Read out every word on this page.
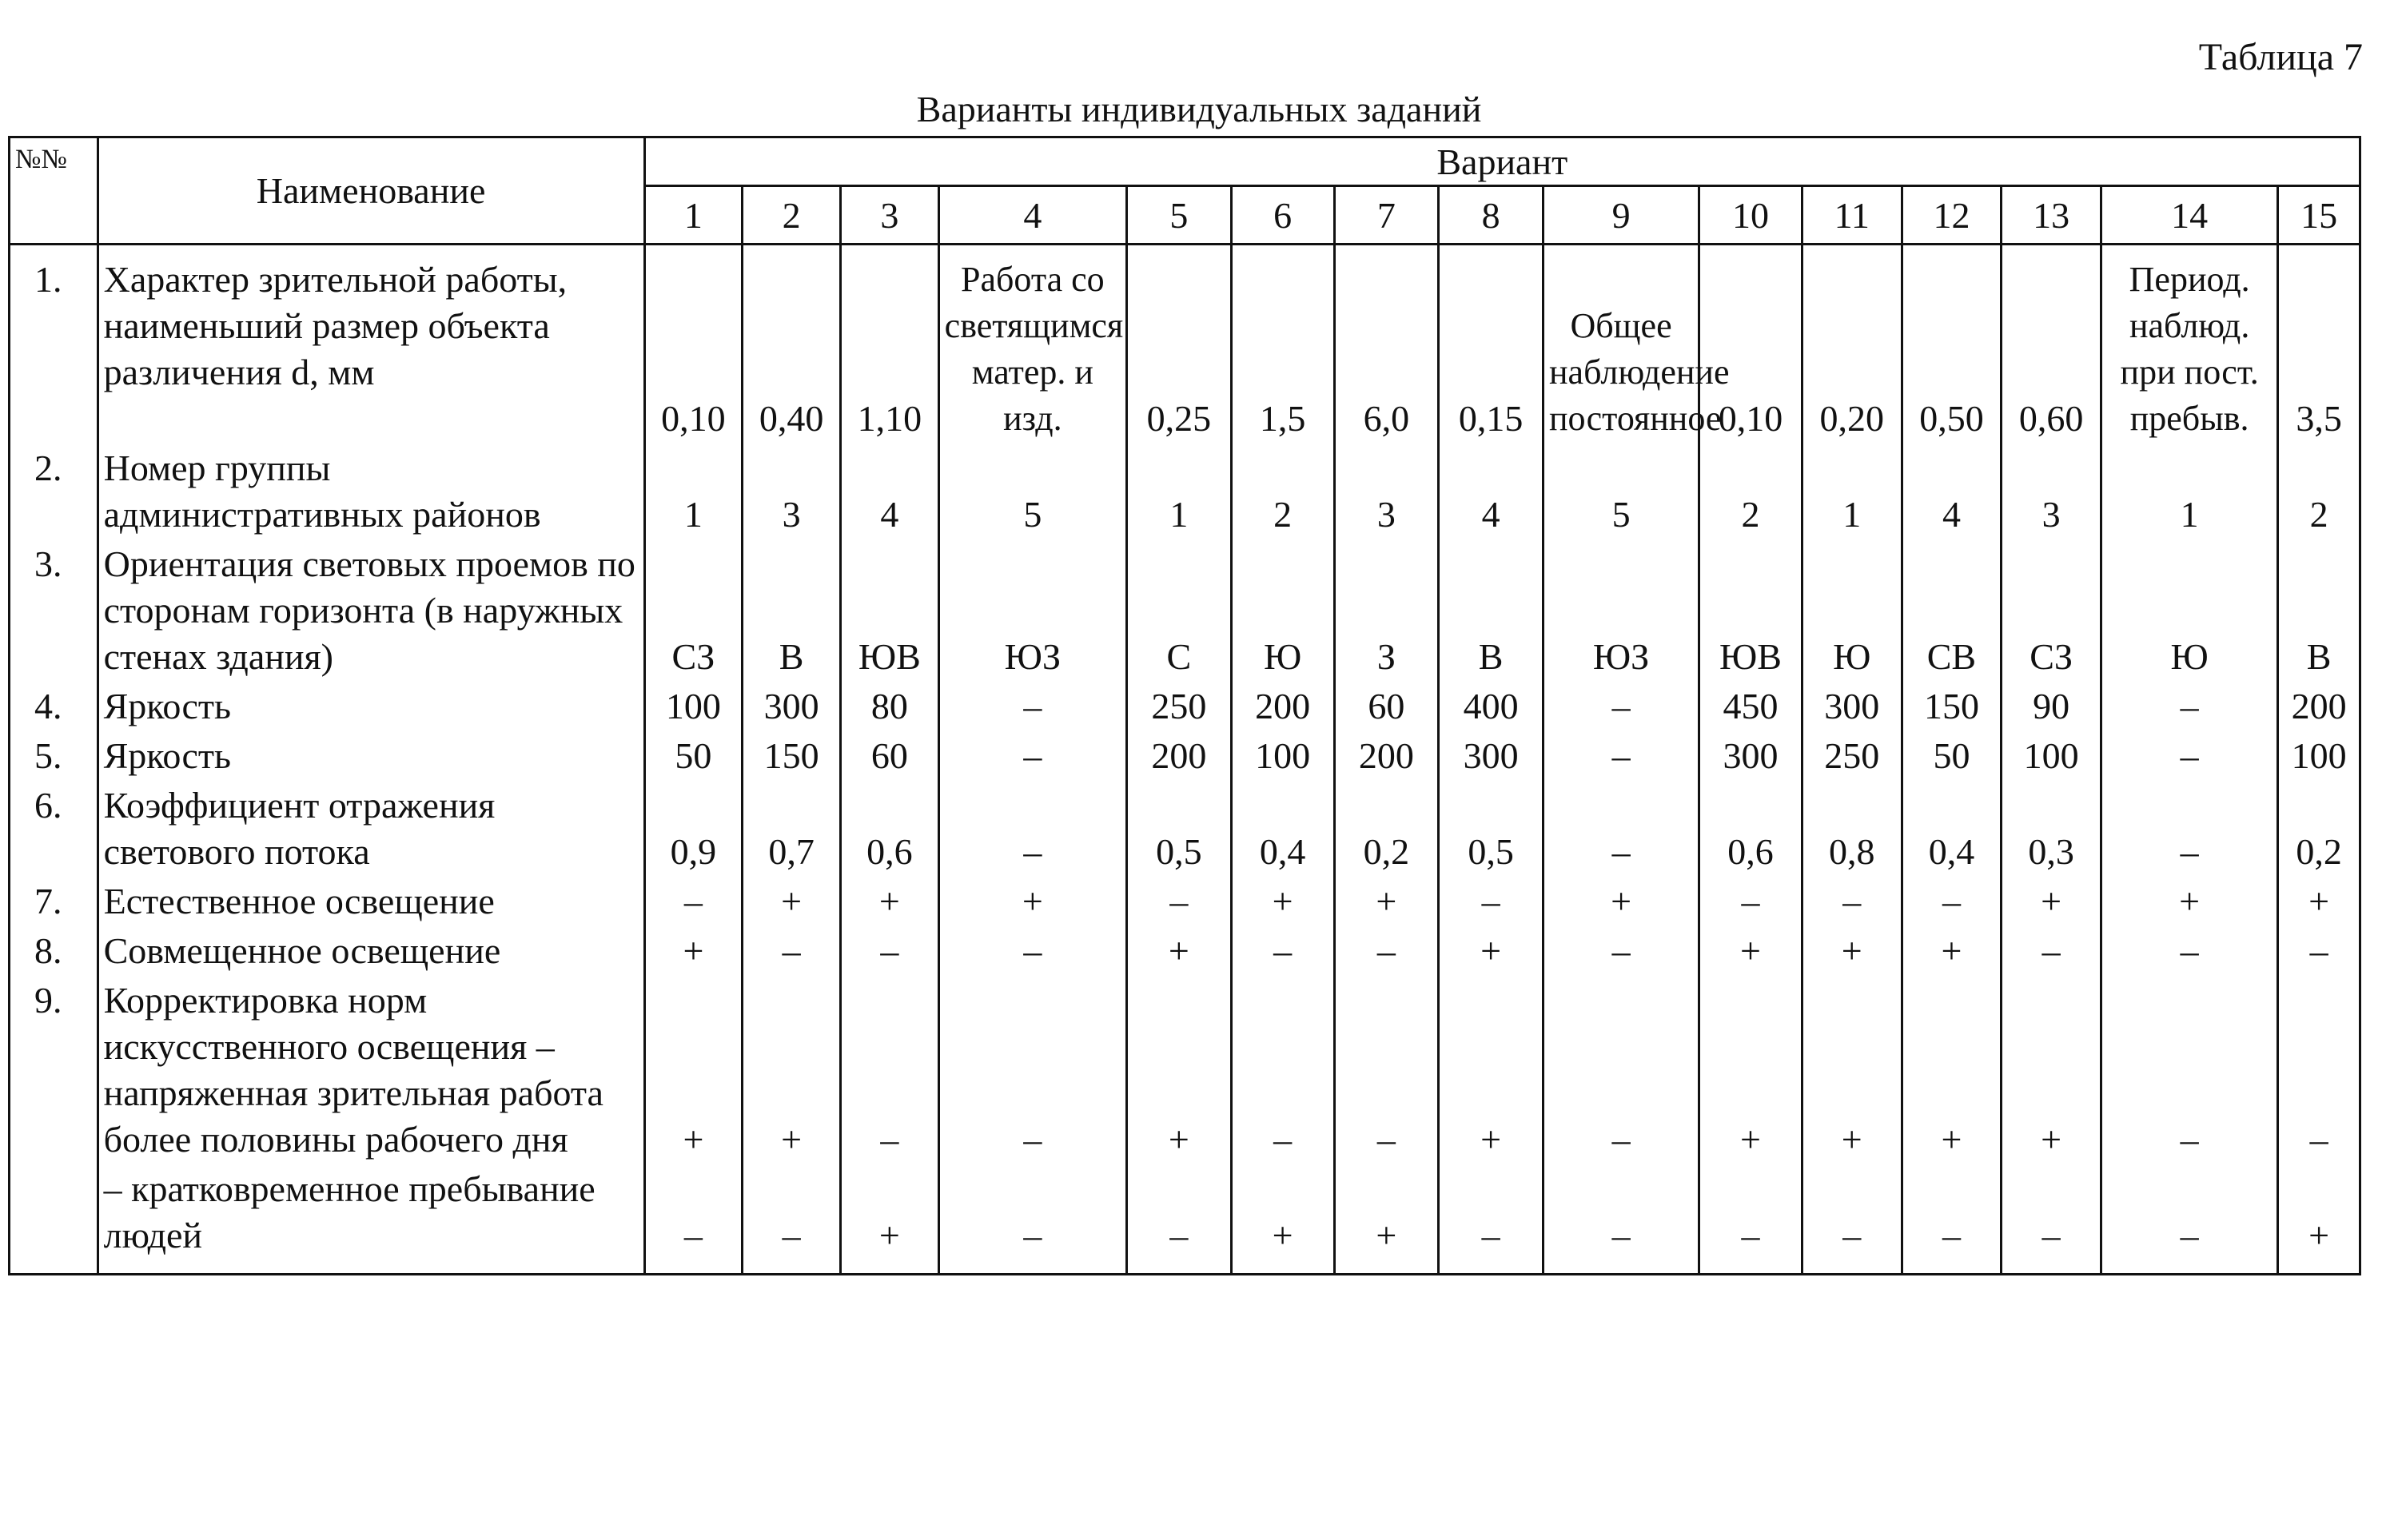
Таблица 7
Варианты индивидуальных заданий
№№	Наименование	Вариант														
		1	2	3	4	5	6	7	8	9	10	11	12	13	14	15
1.	Характер зрительной работы, наименьший размер объекта различения d, мм	0,10	0,40	1,10	Работа со светящимся матер. и изд.	0,25	1,5	6,0	0,15	Общее наблюдение постоянное	0,10	0,20	0,50	0,60	Период. наблюд. при пост. пребыв.	3,5
2.	Номер группы административных районов	1	3	4	5	1	2	3	4	5	2	1	4	3	1	2
3.	Ориентация световых проемов по сторонам горизонта (в наружных стенах здания)	СЗ	В	ЮВ	ЮЗ	С	Ю	З	В	ЮЗ	ЮВ	Ю	СВ	СЗ	Ю	В
4.	Яркость	100	300	80	–	250	200	60	400	–	450	300	150	90	–	200
5.	Яркость	50	150	60	–	200	100	200	300	–	300	250	50	100	–	100
6.	Коэффициент отражения светового потока	0,9	0,7	0,6	–	0,5	0,4	0,2	0,5	–	0,6	0,8	0,4	0,3	–	0,2
7.	Естественное освещение	–	+	+	+	–	+	+	–	+	–	–	–	+	+	+
8.	Совмещенное освещение	+	–	–	–	+	–	–	+	–	+	+	+	–	–	–
9.	Корректировка норм искусственного освещения – напряженная зрительная работа более половины рабочего дня	+	+	–	–	+	–	–	+	–	+	+	+	+	–	–
	– кратковременное пребывание людей	–	–	+	–	–	+	+	–	–	–	–	–	–	–	+
